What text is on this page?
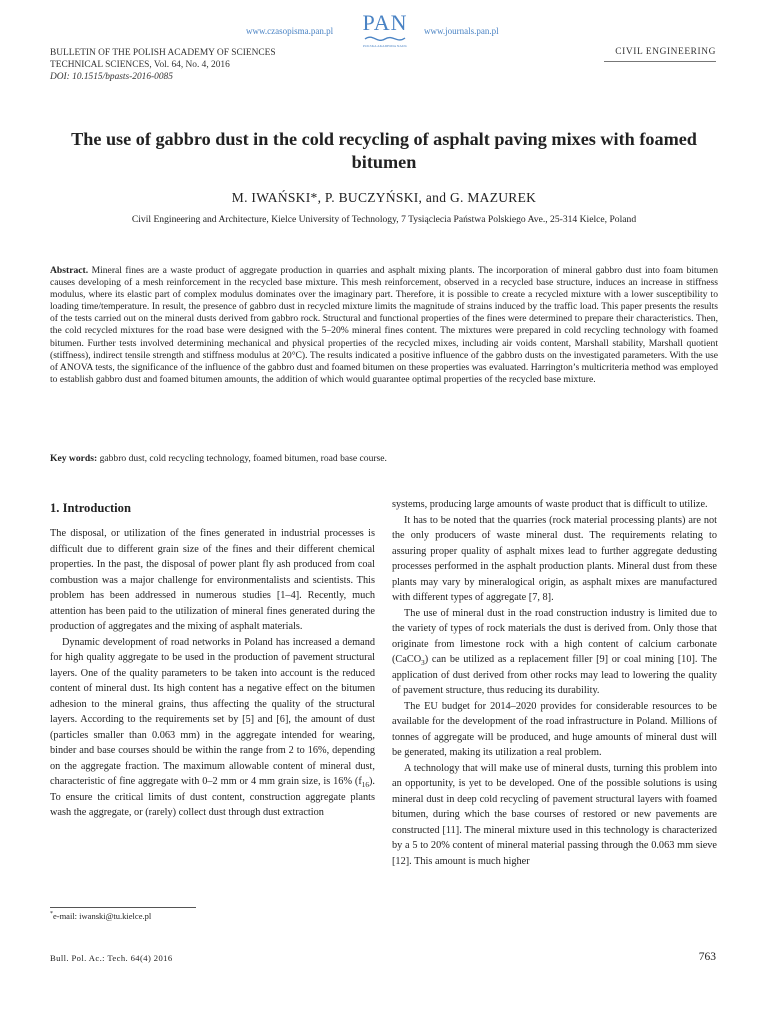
www.czasopisma.pan.pl PAN
POLSKA AKADEMIA NAUK
www.journals.pan.pl
BULLETIN OF THE POLISH ACADEMY OF SCIENCES
TECHNICAL SCIENCES, Vol. 64, No. 4, 2016
DOI: 10.1515/bpasts-2016-0085
CIVIL ENGINEERING
The use of gabbro dust in the cold recycling of asphalt paving mixes with foamed bitumen
M. IWAŃSKI*, P. BUCZYŃSKI, and G. MAZUREK
Civil Engineering and Architecture, Kielce University of Technology, 7 Tysiąclecia Państwa Polskiego Ave., 25-314 Kielce, Poland
Abstract. Mineral fines are a waste product of aggregate production in quarries and asphalt mixing plants. The incorporation of mineral gabbro dust into foam bitumen causes developing of a mesh reinforcement in the recycled base mixture. This mesh reinforcement, observed in a recycled base structure, induces an increase in stiffness modulus, where its elastic part of complex modulus dominates over the imaginary part. Therefore, it is possible to create a recycled mixture with a lower susceptibility to loading time/temperature. In result, the presence of gabbro dust in recycled mixture limits the magnitude of strains induced by the traffic load. This paper presents the results of the tests carried out on the mineral dusts derived from gabbro rock. Structural and functional properties of the fines were determined to prepare their characteristics. Then, the cold recycled mixtures for the road base were designed with the 5–20% mineral fines content. The mixtures were prepared in cold recycling technology with foamed bitumen. Further tests involved determining mechanical and physical properties of the recycled mixes, including air voids content, Marshall stability, Marshall quotient (stiffness), indirect tensile strength and stiffness modulus at 20°C). The results indicated a positive influence of the gabbro dusts on the investigated parameters. With the use of ANOVA tests, the significance of the influence of the gabbro dust and foamed bitumen on these properties was evaluated. Harrington’s multicriteria method was employed to establish gabbro dust and foamed bitumen amounts, the addition of which would guarantee optimal properties of the recycled base mixture.
Key words: gabbro dust, cold recycling technology, foamed bitumen, road base course.
1. Introduction

The disposal, or utilization of the fines generated in industrial processes is difficult due to different grain size of the fines and their different chemical properties. In the past, the disposal of power plant fly ash produced from coal combustion was a major challenge for environmentalists and scientists. This problem has been addressed in numerous studies [1–4]. Recently, much attention has been paid to the utilization of mineral fines generated during the production of aggregates and the mixing of asphalt materials.

Dynamic development of road networks in Poland has increased a demand for high quality aggregate to be used in the production of pavement structural layers. One of the quality parameters to be taken into account is the reduced content of mineral dust. Its high content has a negative effect on the bitumen adhesion to the mineral grains, thus affecting the quality of the structural layers. According to the requirements set by [5] and [6], the amount of dust (particles smaller than 0.063 mm) in the aggregate intended for wearing, binder and base courses should be within the range from 2 to 16%, depending on the aggregate fraction. The maximum allowable content of mineral dust, characteristic of fine aggregate with 0–2 mm or 4 mm grain size, is 16% $(f_{16})$. To ensure the critical limits of dust content, construction aggregate plants wash the aggregate, or (rarely) collect dust through dust extraction

systems, producing large amounts of waste product that is difficult to utilize.

It has to be noted that the quarries (rock material processing plants) are not the only producers of waste mineral dust. The requirements relating to assuring proper quality of asphalt mixes lead to further aggregate dedusting processes performed in the asphalt production plants. Mineral dust from these plants may vary by mineralogical origin, as asphalt mixes are manufactured with different types of aggregate [7, 8].

The use of mineral dust in the road construction industry is limited due to the variety of types of rock materials the dust is derived from. Only those that originate from limestone rock with a high content of calcium carbonate (CaCO$_3$) can be utilized as a replacement filler [9] or coal mining [10]. The application of dust derived from other rocks may lead to lowering the quality of pavement structure, thus reducing its durability.

The EU budget for 2014–2020 provides for considerable resources to be available for the development of the road infrastructure in Poland. Millions of tonnes of aggregate will be produced, and huge amounts of mineral dust will be generated, making its utilization a real problem.

A technology that will make use of mineral dusts, turning this problem into an opportunity, is yet to be developed. One of the possible solutions is using mineral dust in deep cold recycling of pavement structural layers with foamed bitumen, during which the base courses of restored or new pavements are constructed [11]. The mineral mixture used in this technology is characterized by a 5 to 20% content of mineral material passing through the 0.063 mm sieve [12]. This amount is much higher

*e-mail: iwanski@tu.kielce.pl
Bull. Pol. Ac.: Tech. 64(4) 2016	763
